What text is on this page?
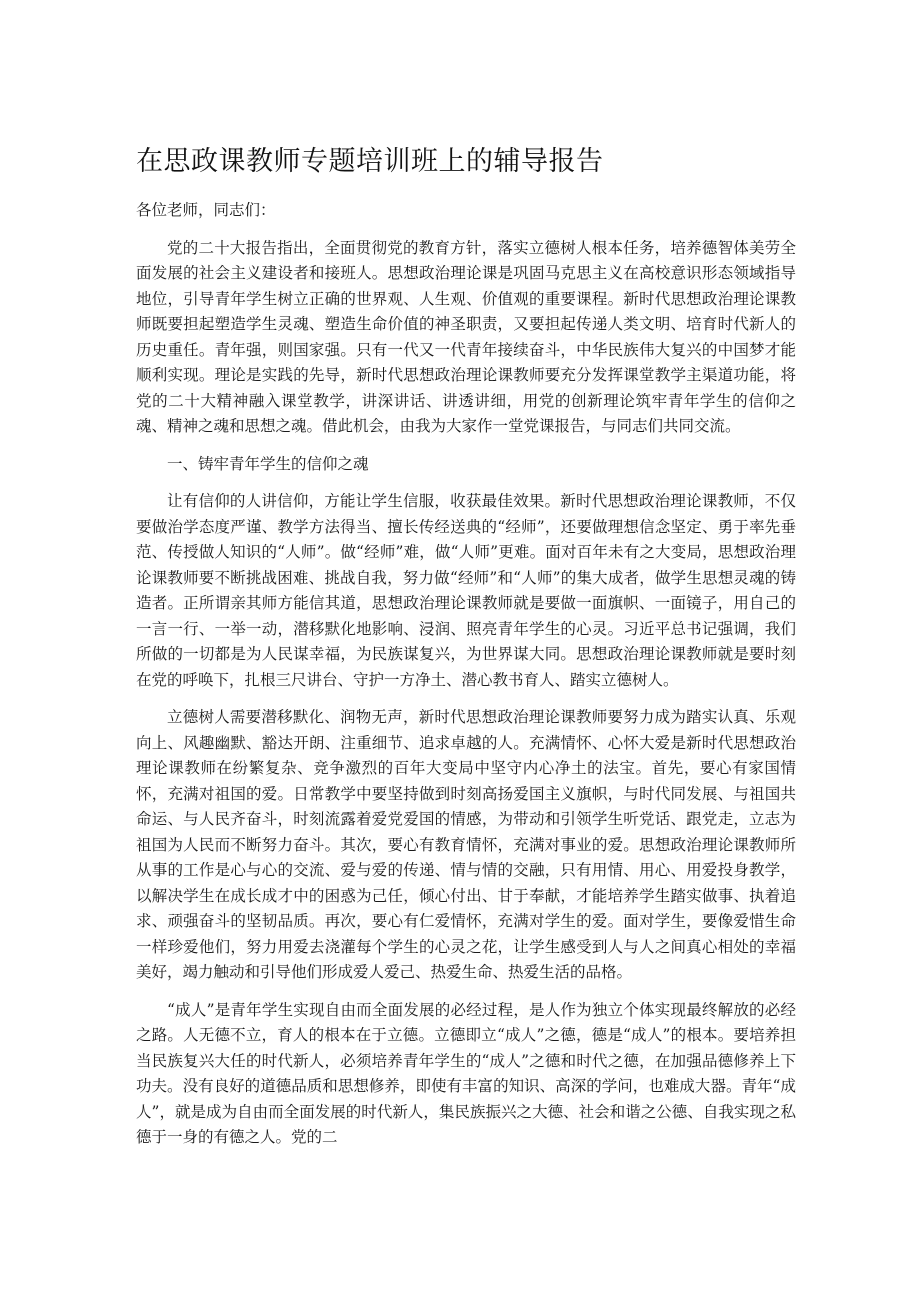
在思政课教师专题培训班上的辅导报告

各位老师，同志们：

党的二十大报告指出，全面贯彻党的教育方针，落实立德树人根本任务，培养德智体美劳全面发展的社会主义建设者和接班人。思想政治理论课是巩固马克思主义在高校意识形态领域指导地位，引导青年学生树立正确的世界观、人生观、价值观的重要课程。新时代思想政治理论课教师既要担起塑造学生灵魂、塑造生命价值的神圣职责，又要担起传递人类文明、培育时代新人的历史重任。青年强，则国家强。只有一代又一代青年接续奋斗，中华民族伟大复兴的中国梦才能顺利实现。理论是实践的先导，新时代思想政治理论课教师要充分发挥课堂教学主渠道功能，将党的二十大精神融入课堂教学，讲深讲话、讲透讲细，用党的创新理论筑牢青年学生的信仰之魂、精神之魂和思想之魂。借此机会，由我为大家作一堂党课报告，与同志们共同交流。

一、铸牢青年学生的信仰之魂

让有信仰的人讲信仰，方能让学生信服，收获最佳效果。新时代思想政治理论课教师，不仅要做治学态度严谨、教学方法得当、擅长传经送典的“经师”，还要做理想信念坚定、勇于率先垂范、传授做人知识的“人师”。做“经师”难，做“人师”更难。面对百年未有之大变局，思想政治理论课教师要不断挑战困难、挑战自我，努力做“经师”和“人师”的集大成者，做学生思想灵魂的铸造者。正所谓亲其师方能信其道，思想政治理论课教师就是要做一面旗帜、一面镜子，用自己的一言一行、一举一动，潜移默化地影响、浸润、照亮青年学生的心灵。习近平总书记强调，我们所做的一切都是为人民谋幸福，为民族谋复兴，为世界谋大同。思想政治理论课教师就是要时刻在党的呼唤下，扎根三尺讲台、守护一方净土、潜心教书育人、踏实立德树人。

立德树人需要潜移默化、润物无声，新时代思想政治理论课教师要努力成为踏实认真、乐观向上、风趣幽默、豁达开朗、注重细节、追求卓越的人。充满情怀、心怀大爱是新时代思想政治理论课教师在纷繁复杂、竞争激烈的百年大变局中坚守内心净土的法宝。首先，要心有家国情怀，充满对祖国的爱。日常教学中要坚持做到时刻高扬爱国主义旗帜，与时代同发展、与祖国共命运、与人民齐奋斗，时刻流露着爱党爱国的情感，为带动和引领学生听党话、跟党走，立志为祖国为人民而不断努力奋斗。其次，要心有教育情怀，充满对事业的爱。思想政治理论课教师所从事的工作是心与心的交流、爱与爱的传递、情与情的交融，只有用情、用心、用爱投身教学，以解决学生在成长成才中的困惑为己任，倾心付出、甘于奉献，才能培养学生踏实做事、执着追求、顽强奋斗的坚韧品质。再次，要心有仁爱情怀，充满对学生的爱。面对学生，要像爱惜生命一样珍爱他们，努力用爱去浇灌每个学生的心灵之花，让学生感受到人与人之间真心相处的幸福美好，竭力触动和引导他们形成爱人爱己、热爱生命、热爱生活的品格。

“成人”是青年学生实现自由而全面发展的必经过程，是人作为独立个体实现最终解放的必经之路。人无德不立，育人的根本在于立德。立德即立“成人”之德，德是“成人”的根本。要培养担当民族复兴大任的时代新人，必须培养青年学生的“成人”之德和时代之德，在加强品德修养上下功夫。没有良好的道德品质和思想修养，即使有丰富的知识、高深的学问，也难成大器。青年“成人”，就是成为自由而全面发展的时代新人，集民族振兴之大德、社会和谐之公德、自我实现之私德于一身的有德之人。党的二
